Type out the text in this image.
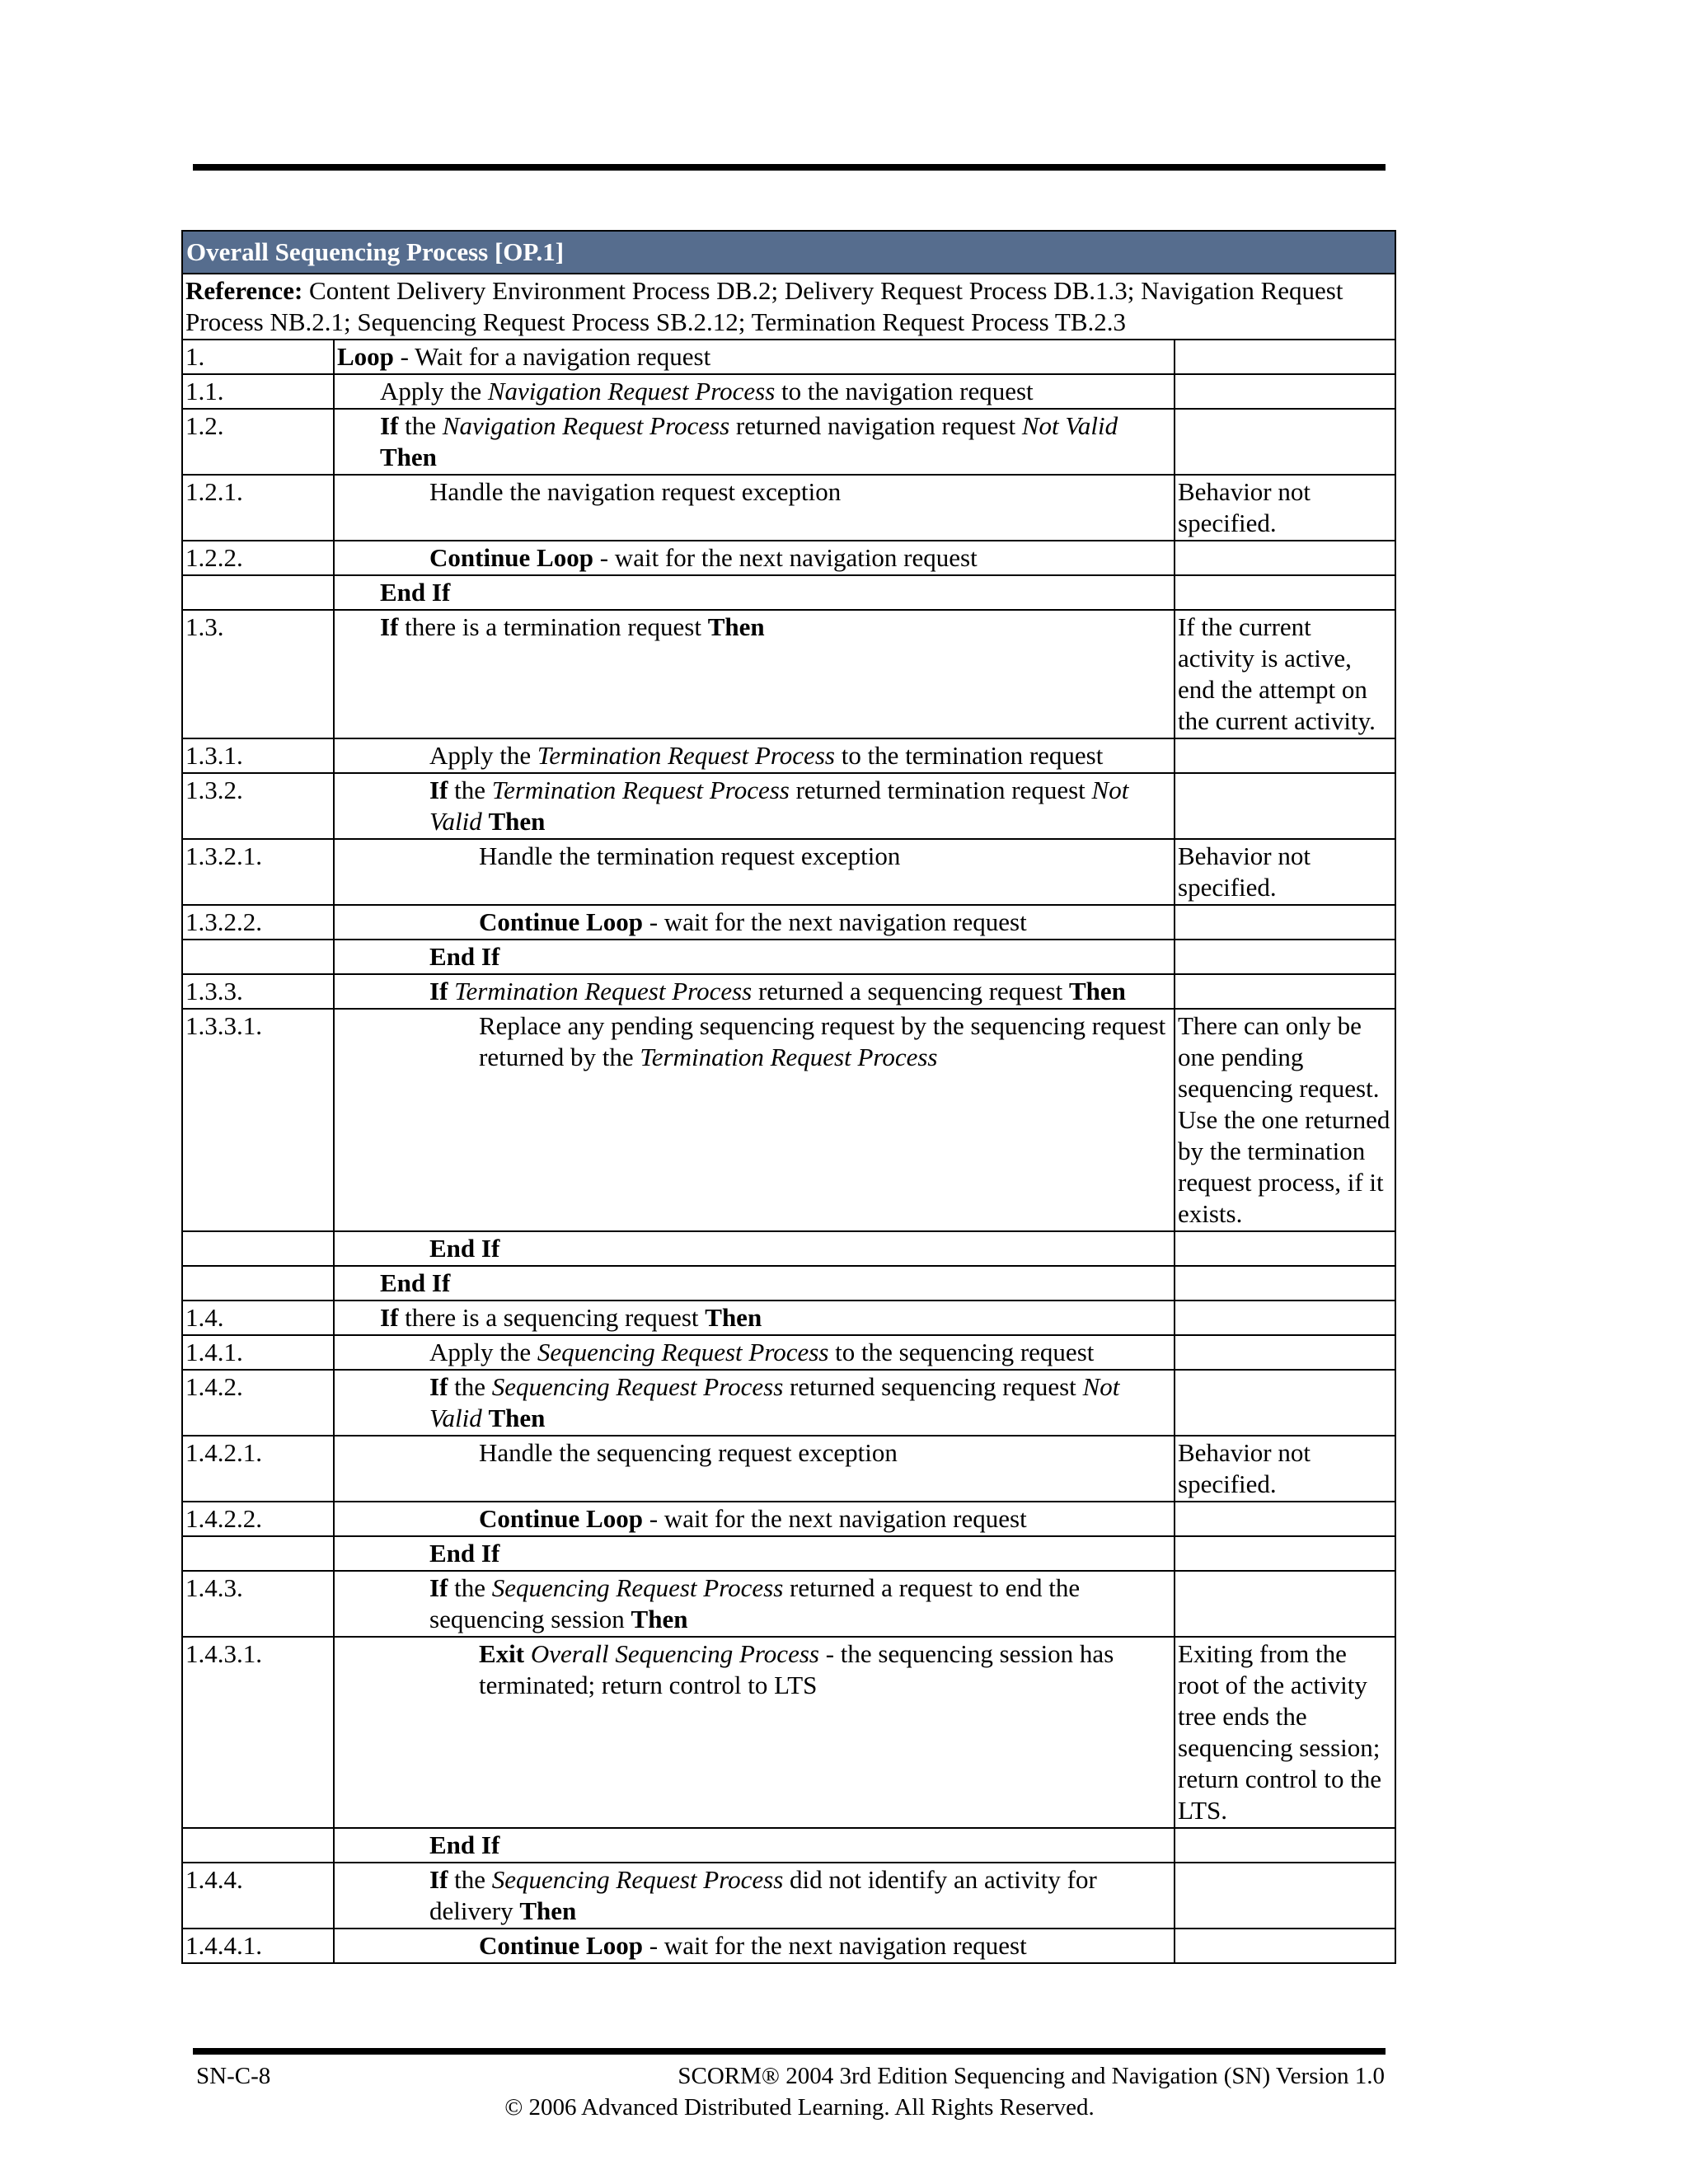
Overall Sequencing Process [OP.1]		
Reference: Content Delivery Environment Process DB.2; Delivery Request Process DB.1.3; Navigation Request Process NB.2.1; Sequencing Request Process SB.2.12; Termination Request Process TB.2.3		
1.	Loop - Wait for a navigation request	

1.1.	Apply the Navigation Request Process to the navigation request	

1.2.	If the Navigation Request Process returned navigation request Not Valid Then	

1.2.1.	Handle the navigation request exception	Behavior not specified.
1.2.2.	Continue Loop - wait for the next navigation request	

	End If	

1.3.	If there is a termination request Then	If the current activity is active, end the attempt on the current activity.
1.3.1.	Apply the Termination Request Process to the termination request	

1.3.2.	If the Termination Request Process returned termination request Not Valid Then	

1.3.2.1.	Handle the termination request exception	Behavior not specified.
1.3.2.2.	Continue Loop - wait for the next navigation request	

	End If	

1.3.3.	If Termination Request Process returned a sequencing request Then	

1.3.3.1.	Replace any pending sequencing request by the sequencing request returned by the Termination Request Process	There can only be one pending sequencing request. Use the one returned by the termination request process, if it exists.

	End If	

	End If	

1.4.	If there is a sequencing request Then	

1.4.1.	Apply the Sequencing Request Process to the sequencing request	

1.4.2.	If the Sequencing Request Process returned sequencing request Not Valid Then	

1.4.2.1.	Handle the sequencing request exception	Behavior not specified.
1.4.2.2.	Continue Loop - wait for the next navigation request	

	End If	

1.4.3.	If the Sequencing Request Process returned a request to end the sequencing session Then	

1.4.3.1.	Exit Overall Sequencing Process - the sequencing session has terminated; return control to LTS	Exiting from the root of the activity tree ends the sequencing session; return control to the LTS.

	End If	

1.4.4.	If the Sequencing Request Process did not identify an activity for delivery Then	

1.4.4.1.	Continue Loop - wait for the next navigation request	

SN-C-8	SCORM® 2004 3rd Edition Sequencing and Navigation (SN) Version 1.0
© 2006 Advanced Distributed Learning. All Rights Reserved.
